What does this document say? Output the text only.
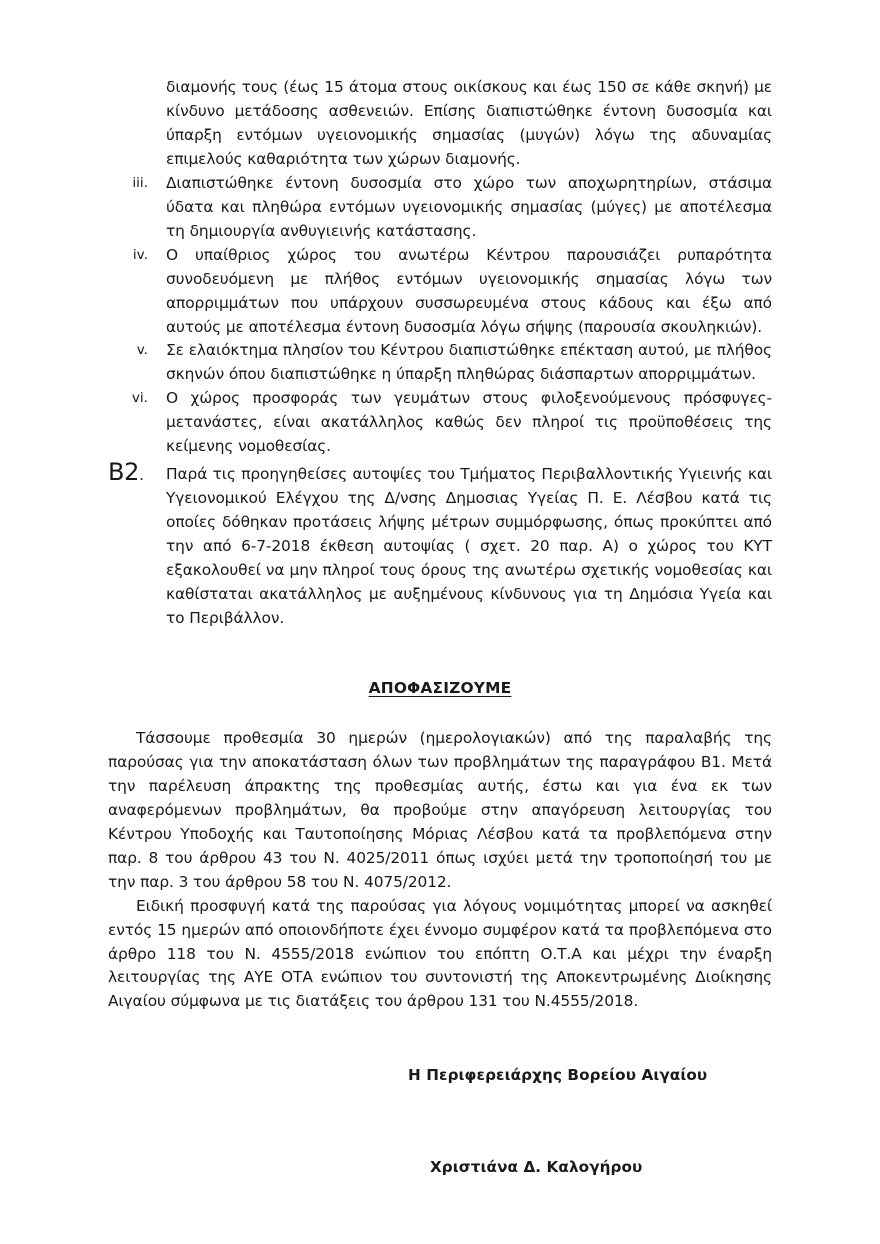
διαμονής τους (έως 15 άτομα στους οικίσκους και έως 150 σε κάθε σκηνή) με κίνδυνο μετάδοσης ασθενειών. Επίσης διαπιστώθηκε έντονη δυσοσμία και ύπαρξη εντόμων υγειονομικής σημασίας (μυγών) λόγω της αδυναμίας επιμελούς καθαριότητα των χώρων διαμονής.

iii. Διαπιστώθηκε έντονη δυσοσμία στο χώρο των αποχωρητηρίων, στάσιμα ύδατα και πληθώρα εντόμων υγειονομικής σημασίας (μύγες) με αποτέλεσμα τη δημιουργία ανθυγιεινής κατάστασης.
iv. Ο υπαίθριος χώρος του ανωτέρω Κέντρου παρουσιάζει ρυπαρότητα συνοδευόμενη με πλήθος εντόμων υγειονομικής σημασίας λόγω των απορριμμάτων που υπάρχουν συσσωρευμένα στους κάδους και έξω από αυτούς με αποτέλεσμα έντονη δυσοσμία λόγω σήψης (παρουσία σκουληκιών).
v. Σε ελαιόκτημα πλησίον του Κέντρου διαπιστώθηκε επέκταση αυτού, με πλήθος σκηνών όπου διαπιστώθηκε η ύπαρξη πληθώρας διάσπαρτων απορριμμάτων.
vi. Ο χώρος προσφοράς των γευμάτων στους φιλοξενούμενους πρόσφυγες-μετανάστες, είναι ακατάλληλος καθώς δεν πληροί τις προϋποθέσεις της κείμενης νομοθεσίας.
B2. Παρά τις προηγηθείσες αυτοψίες του Τμήματος Περιβαλλοντικής Υγιεινής και Υγειονομικού Ελέγχου της Δ/νσης Δημοσιας Υγείας Π. Ε. Λέσβου κατά τις οποίες δόθηκαν προτάσεις λήψης μέτρων συμμόρφωσης, όπως προκύπτει από την από 6-7-2018 έκθεση αυτοψίας ( σχετ. 20 παρ. Α) ο χώρος του ΚΥΤ εξακολουθεί να μην πληροί τους όρους της ανωτέρω σχετικής νομοθεσίας και καθίσταται ακατάλληλος με αυξημένους κίνδυνους για τη Δημόσια Υγεία και το Περιβάλλον.
ΑΠΟΦΑΣΙΖΟΥΜΕ

Τάσσουμε προθεσμία 30 ημερών (ημερολογιακών) από της παραλαβής της παρούσας για την αποκατάσταση όλων των προβλημάτων της παραγράφου Β1. Μετά την παρέλευση άπρακτης της προθεσμίας αυτής, έστω και για ένα εκ των αναφερόμενων προβλημάτων, θα προβούμε στην απαγόρευση λειτουργίας του Κέντρου Υποδοχής και Ταυτοποίησης Μόριας Λέσβου κατά τα προβλεπόμενα στην παρ. 8 του άρθρου 43 του Ν. 4025/2011 όπως ισχύει μετά την τροποποίησή του με την παρ. 3 του άρθρου 58 του Ν. 4075/2012.

Ειδική προσφυγή κατά της παρούσας για λόγους νομιμότητας μπορεί να ασκηθεί εντός 15 ημερών από οποιονδήποτε έχει έννομο συμφέρον κατά τα προβλεπόμενα στο άρθρο 118 του Ν. 4555/2018 ενώπιον του επόπτη Ο.Τ.Α και μέχρι την έναρξη λειτουργίας της ΑΥΕ ΟΤΑ ενώπιον του συντονιστή της Αποκεντρωμένης Διοίκησης Αιγαίου σύμφωνα με τις διατάξεις του άρθρου 131 του Ν.4555/2018.

Η Περιφερειάρχης Βορείου Αιγαίου

Χριστιάνα Δ. Καλογήρου
